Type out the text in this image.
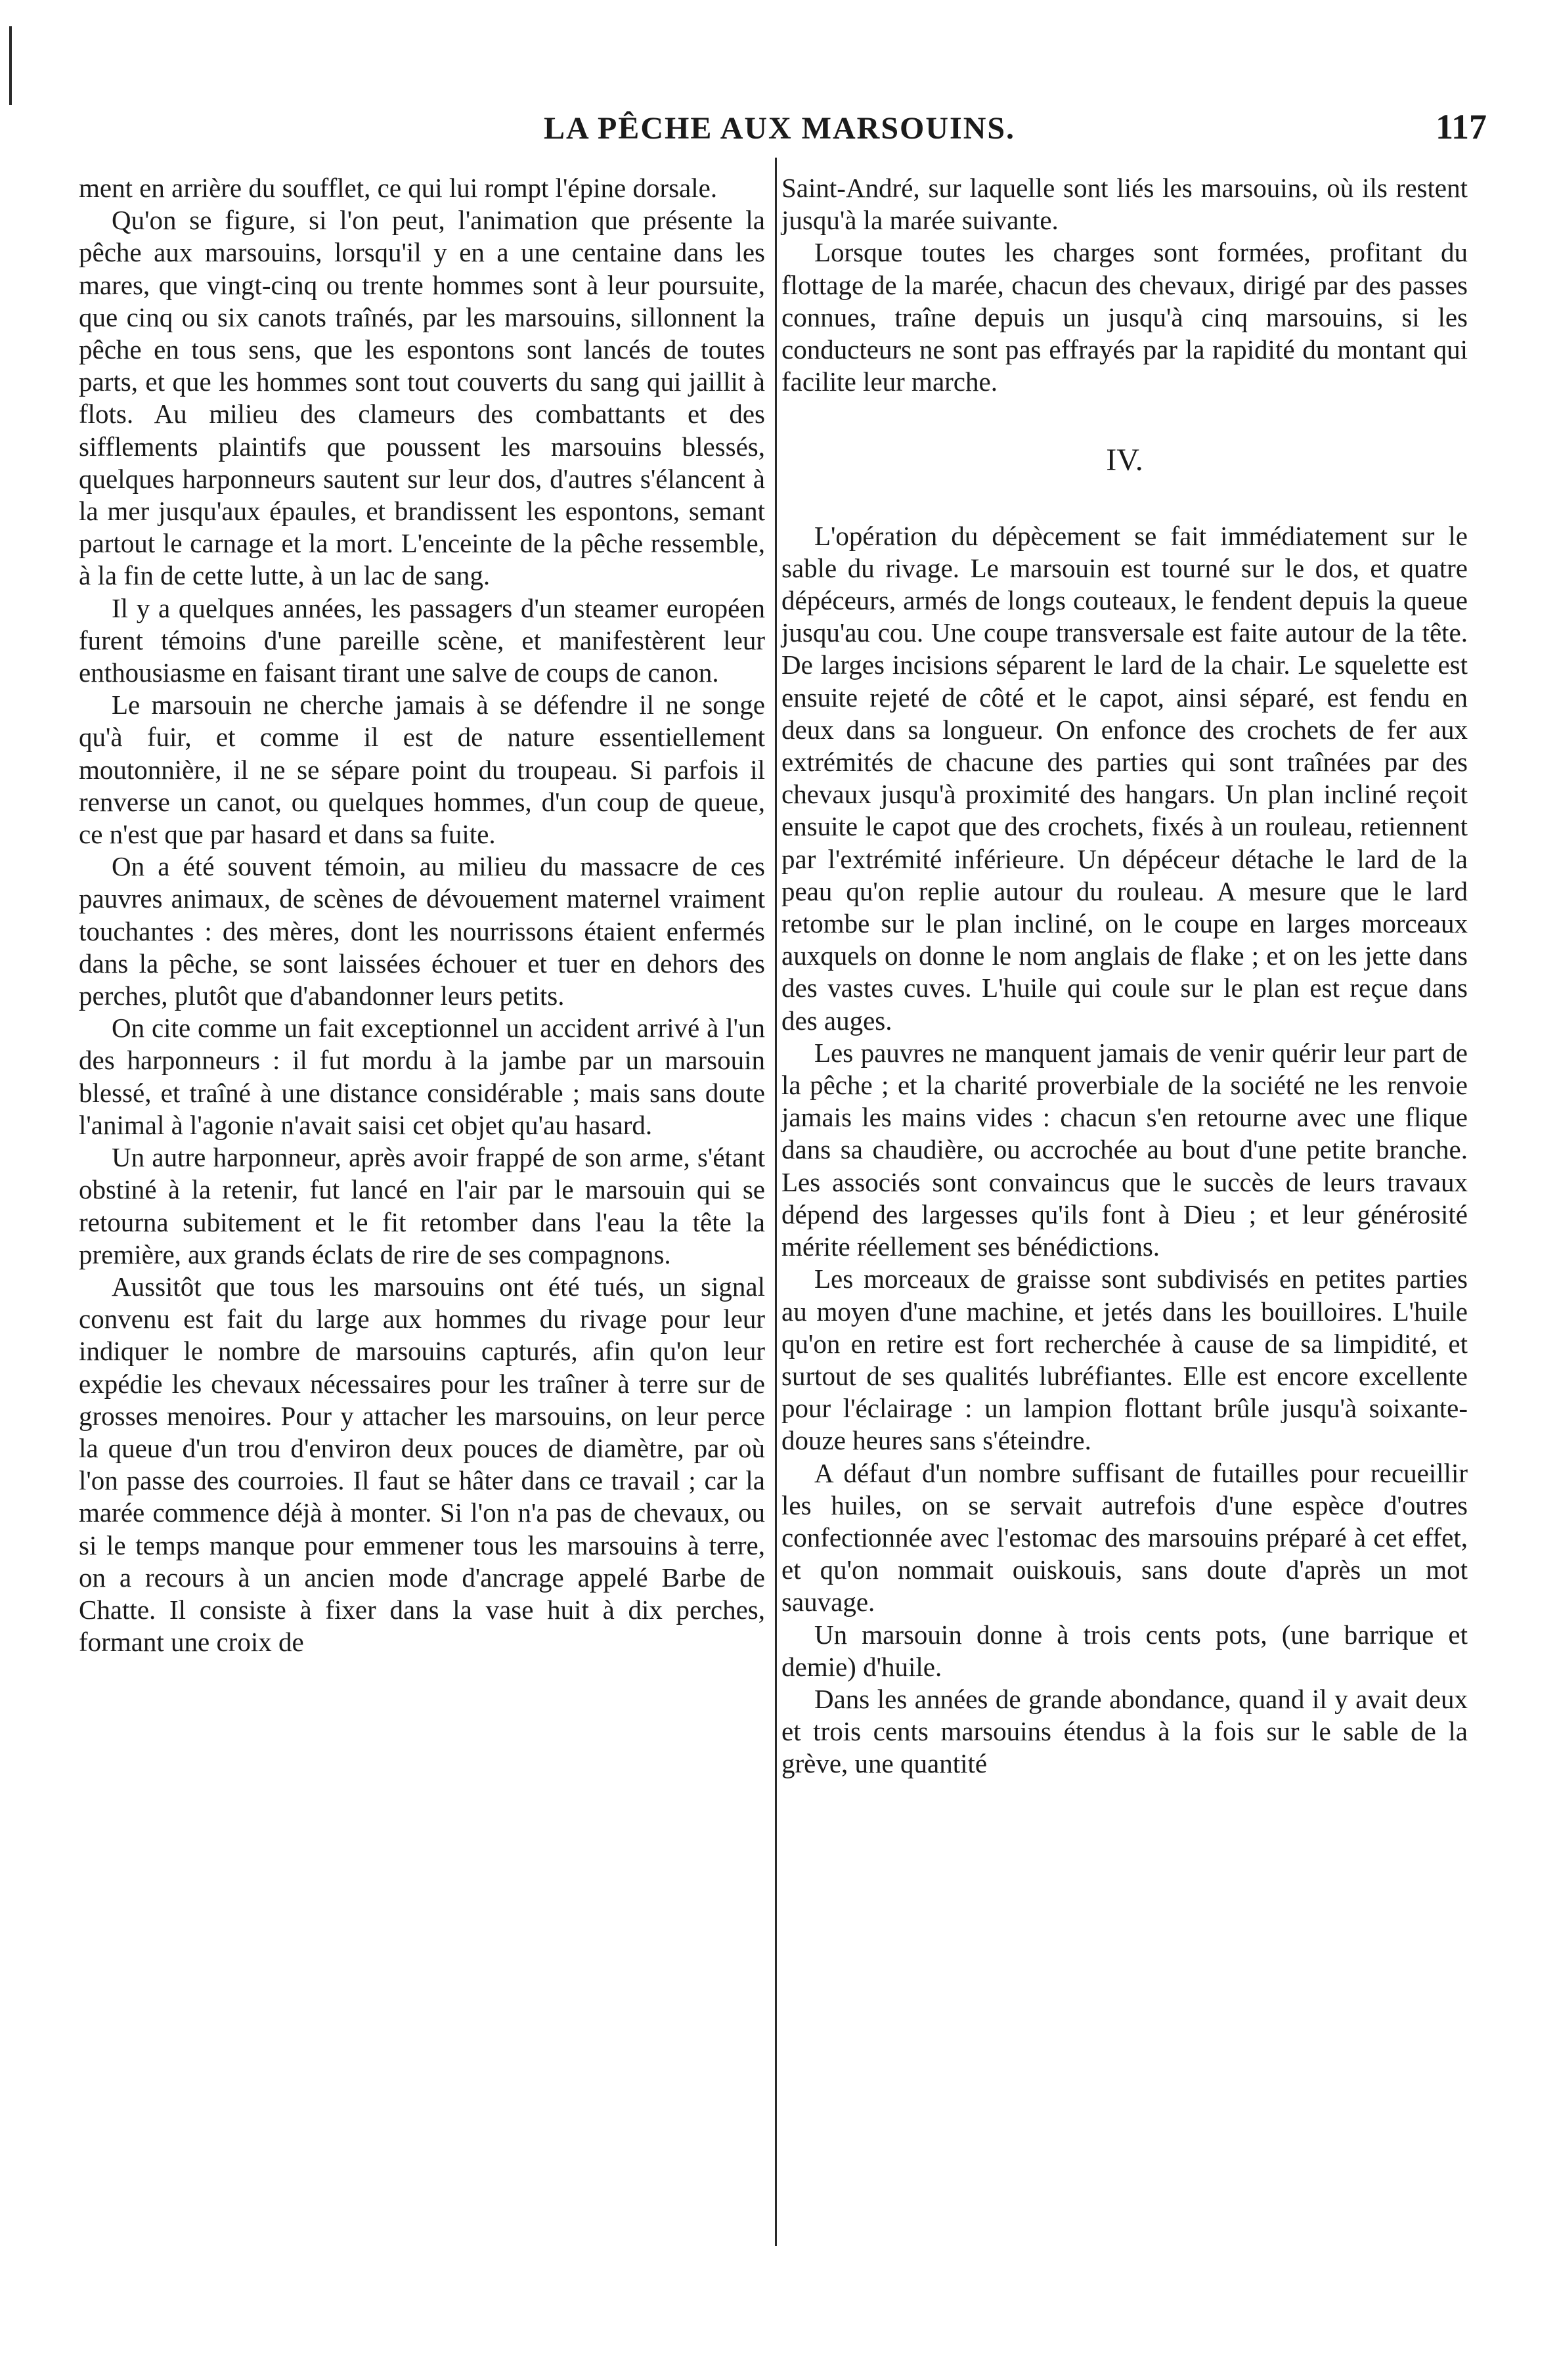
LA PÊCHE AUX MARSOUINS.	117

ment en arrière du soufflet, ce qui lui rompt l'épine dorsale.

Qu'on se figure, si l'on peut, l'animation que présente la pêche aux marsouins, lorsqu'il y en a une centaine dans les mares, que vingt-cinq ou trente hommes sont à leur poursuite, que cinq ou six canots traînés, par les marsouins, sillonnent la pêche en tous sens, que les espontons sont lancés de toutes parts, et que les hommes sont tout couverts du sang qui jaillit à flots. Au milieu des clameurs des combattants et des sifflements plaintifs que poussent les marsouins blessés, quelques harponneurs sautent sur leur dos, d'autres s'élancent à la mer jusqu'aux épaules, et brandissent les espontons, semant partout le carnage et la mort. L'enceinte de la pêche ressemble, à la fin de cette lutte, à un lac de sang.

Il y a quelques années, les passagers d'un steamer européen furent témoins d'une pareille scène, et manifestèrent leur enthousiasme en faisant tirant une salve de coups de canon.

Le marsouin ne cherche jamais à se défendre il ne songe qu'à fuir, et comme il est de nature essentiellement moutonnière, il ne se sépare point du troupeau. Si parfois il renverse un canot, ou quelques hommes, d'un coup de queue, ce n'est que par hasard et dans sa fuite.

On a été souvent témoin, au milieu du massacre de ces pauvres animaux, de scènes de dévouement maternel vraiment touchantes : des mères, dont les nourrissons étaient enfermés dans la pêche, se sont laissées échouer et tuer en dehors des perches, plutôt que d'abandonner leurs petits.

On cite comme un fait exceptionnel un accident arrivé à l'un des harponneurs : il fut mordu à la jambe par un marsouin blessé, et traîné à une distance considérable ; mais sans doute l'animal à l'agonie n'avait saisi cet objet qu'au hasard.

Un autre harponneur, après avoir frappé de son arme, s'étant obstiné à la retenir, fut lancé en l'air par le marsouin qui se retourna subitement et le fit retomber dans l'eau la tête la première, aux grands éclats de rire de ses compagnons.

Aussitôt que tous les marsouins ont été tués, un signal convenu est fait du large aux hommes du rivage pour leur indiquer le nombre de marsouins capturés, afin qu'on leur expédie les chevaux nécessaires pour les traîner à terre sur de grosses menoires. Pour y attacher les marsouins, on leur perce la queue d'un trou d'environ deux pouces de diamètre, par où l'on passe des courroies. Il faut se hâter dans ce travail ; car la marée commence déjà à monter. Si l'on n'a pas de chevaux, ou si le temps manque pour emmener tous les marsouins à terre, on a recours à un ancien mode d'ancrage appelé Barbe de Chatte. Il consiste à fixer dans la vase huit à dix perches, formant une croix de

Saint-André, sur laquelle sont liés les marsouins, où ils restent jusqu'à la marée suivante.

Lorsque toutes les charges sont formées, profitant du flottage de la marée, chacun des chevaux, dirigé par des passes connues, traîne depuis un jusqu'à cinq marsouins, si les conducteurs ne sont pas effrayés par la rapidité du montant qui facilite leur marche.

IV.

L'opération du dépècement se fait immédiatement sur le sable du rivage. Le marsouin est tourné sur le dos, et quatre dépéceurs, armés de longs couteaux, le fendent depuis la queue jusqu'au cou. Une coupe transversale est faite autour de la tête. De larges incisions séparent le lard de la chair. Le squelette est ensuite rejeté de côté et le capot, ainsi séparé, est fendu en deux dans sa longueur. On enfonce des crochets de fer aux extrémités de chacune des parties qui sont traînées par des chevaux jusqu'à proximité des hangars. Un plan incliné reçoit ensuite le capot que des crochets, fixés à un rouleau, retiennent par l'extrémité inférieure. Un dépéceur détache le lard de la peau qu'on replie autour du rouleau. A mesure que le lard retombe sur le plan incliné, on le coupe en larges morceaux auxquels on donne le nom anglais de flake ; et on les jette dans des vastes cuves. L'huile qui coule sur le plan est reçue dans des auges.

Les pauvres ne manquent jamais de venir quérir leur part de la pêche ; et la charité proverbiale de la société ne les renvoie jamais les mains vides : chacun s'en retourne avec une flique dans sa chaudière, ou accrochée au bout d'une petite branche. Les associés sont convaincus que le succès de leurs travaux dépend des largesses qu'ils font à Dieu ; et leur générosité mérite réellement ses bénédictions.

Les morceaux de graisse sont subdivisés en petites parties au moyen d'une machine, et jetés dans les bouilloires. L'huile qu'on en retire est fort recherchée à cause de sa limpidité, et surtout de ses qualités lubréfiantes. Elle est encore excellente pour l'éclairage : un lampion flottant brûle jusqu'à soixante-douze heures sans s'éteindre.

A défaut d'un nombre suffisant de futailles pour recueillir les huiles, on se servait autrefois d'une espèce d'outres confectionnée avec l'estomac des marsouins préparé à cet effet, et qu'on nommait ouiskouis, sans doute d'après un mot sauvage.

Un marsouin donne à trois cents pots, (une barrique et demie) d'huile.

Dans les années de grande abondance, quand il y avait deux et trois cents marsouins étendus à la fois sur le sable de la grève, une quantité
